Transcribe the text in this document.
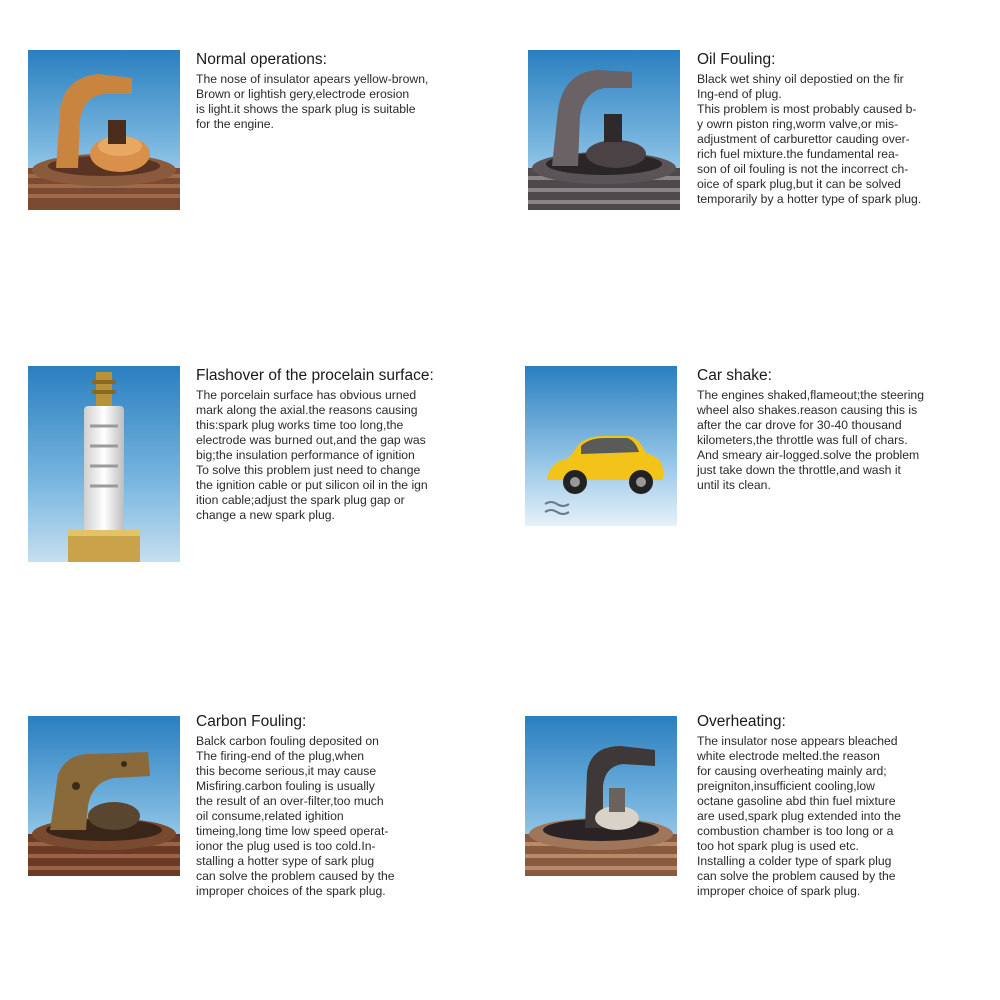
Normal operations:
The nose of insulator apears yellow-brown,
Brown or lightish gery,electrode erosion
is light.it shows the spark plug is suitable
for the engine.
Oil Fouling:
Black wet shiny oil depostied on the fir
Ing-end of plug.
This problem is most probably caused b-
y owrn piston ring,worm valve,or mis-
adjustment of carburettor cauding over-
rich fuel mixture.the fundamental rea-
son of oil fouling is not the incorrect ch-
oice of spark plug,but it can be solved
temporarily by a hotter type of spark plug.
Flashover of the procelain surface:
The porcelain surface has obvious urned
mark along the axial.the reasons causing
this:spark plug works time too long,the
electrode was burned out,and the gap was
big;the insulation performance of ignition
To solve this problem just need to change
the ignition cable or put silicon oil in the ign
ition cable;adjust the spark plug gap or
change a new spark plug.
Car shake:
The engines shaked,flameout;the steering
wheel also shakes.reason causing this is
after the car drove for 30-40 thousand
kilometers,the throttle was full of chars.
And smeary air-logged.solve the problem
just take down the throttle,and wash it
until its clean.
Carbon Fouling:
Balck carbon fouling deposited on
The firing-end of the plug,when
this become serious,it may cause
Misfiring.carbon fouling is usually
the result of an over-filter,too much
oil consume,related ighition
timeing,long time low speed operat-
ionor the plug used is too cold.In-
stalling a hotter sype of sark plug
can solve the problem caused by the
improper choices of the spark plug.
Overheating:
The insulator nose appears bleached
white electrode melted.the reason
for causing overheating mainly ard;
preigniton,insufficient cooling,low
octane gasoline abd thin fuel mixture
are used,spark plug extended into the
combustion chamber is too long or a
too hot spark plug is used etc.
Installing a colder type of spark plug
can solve the problem caused by the
improper choice of spark plug.
